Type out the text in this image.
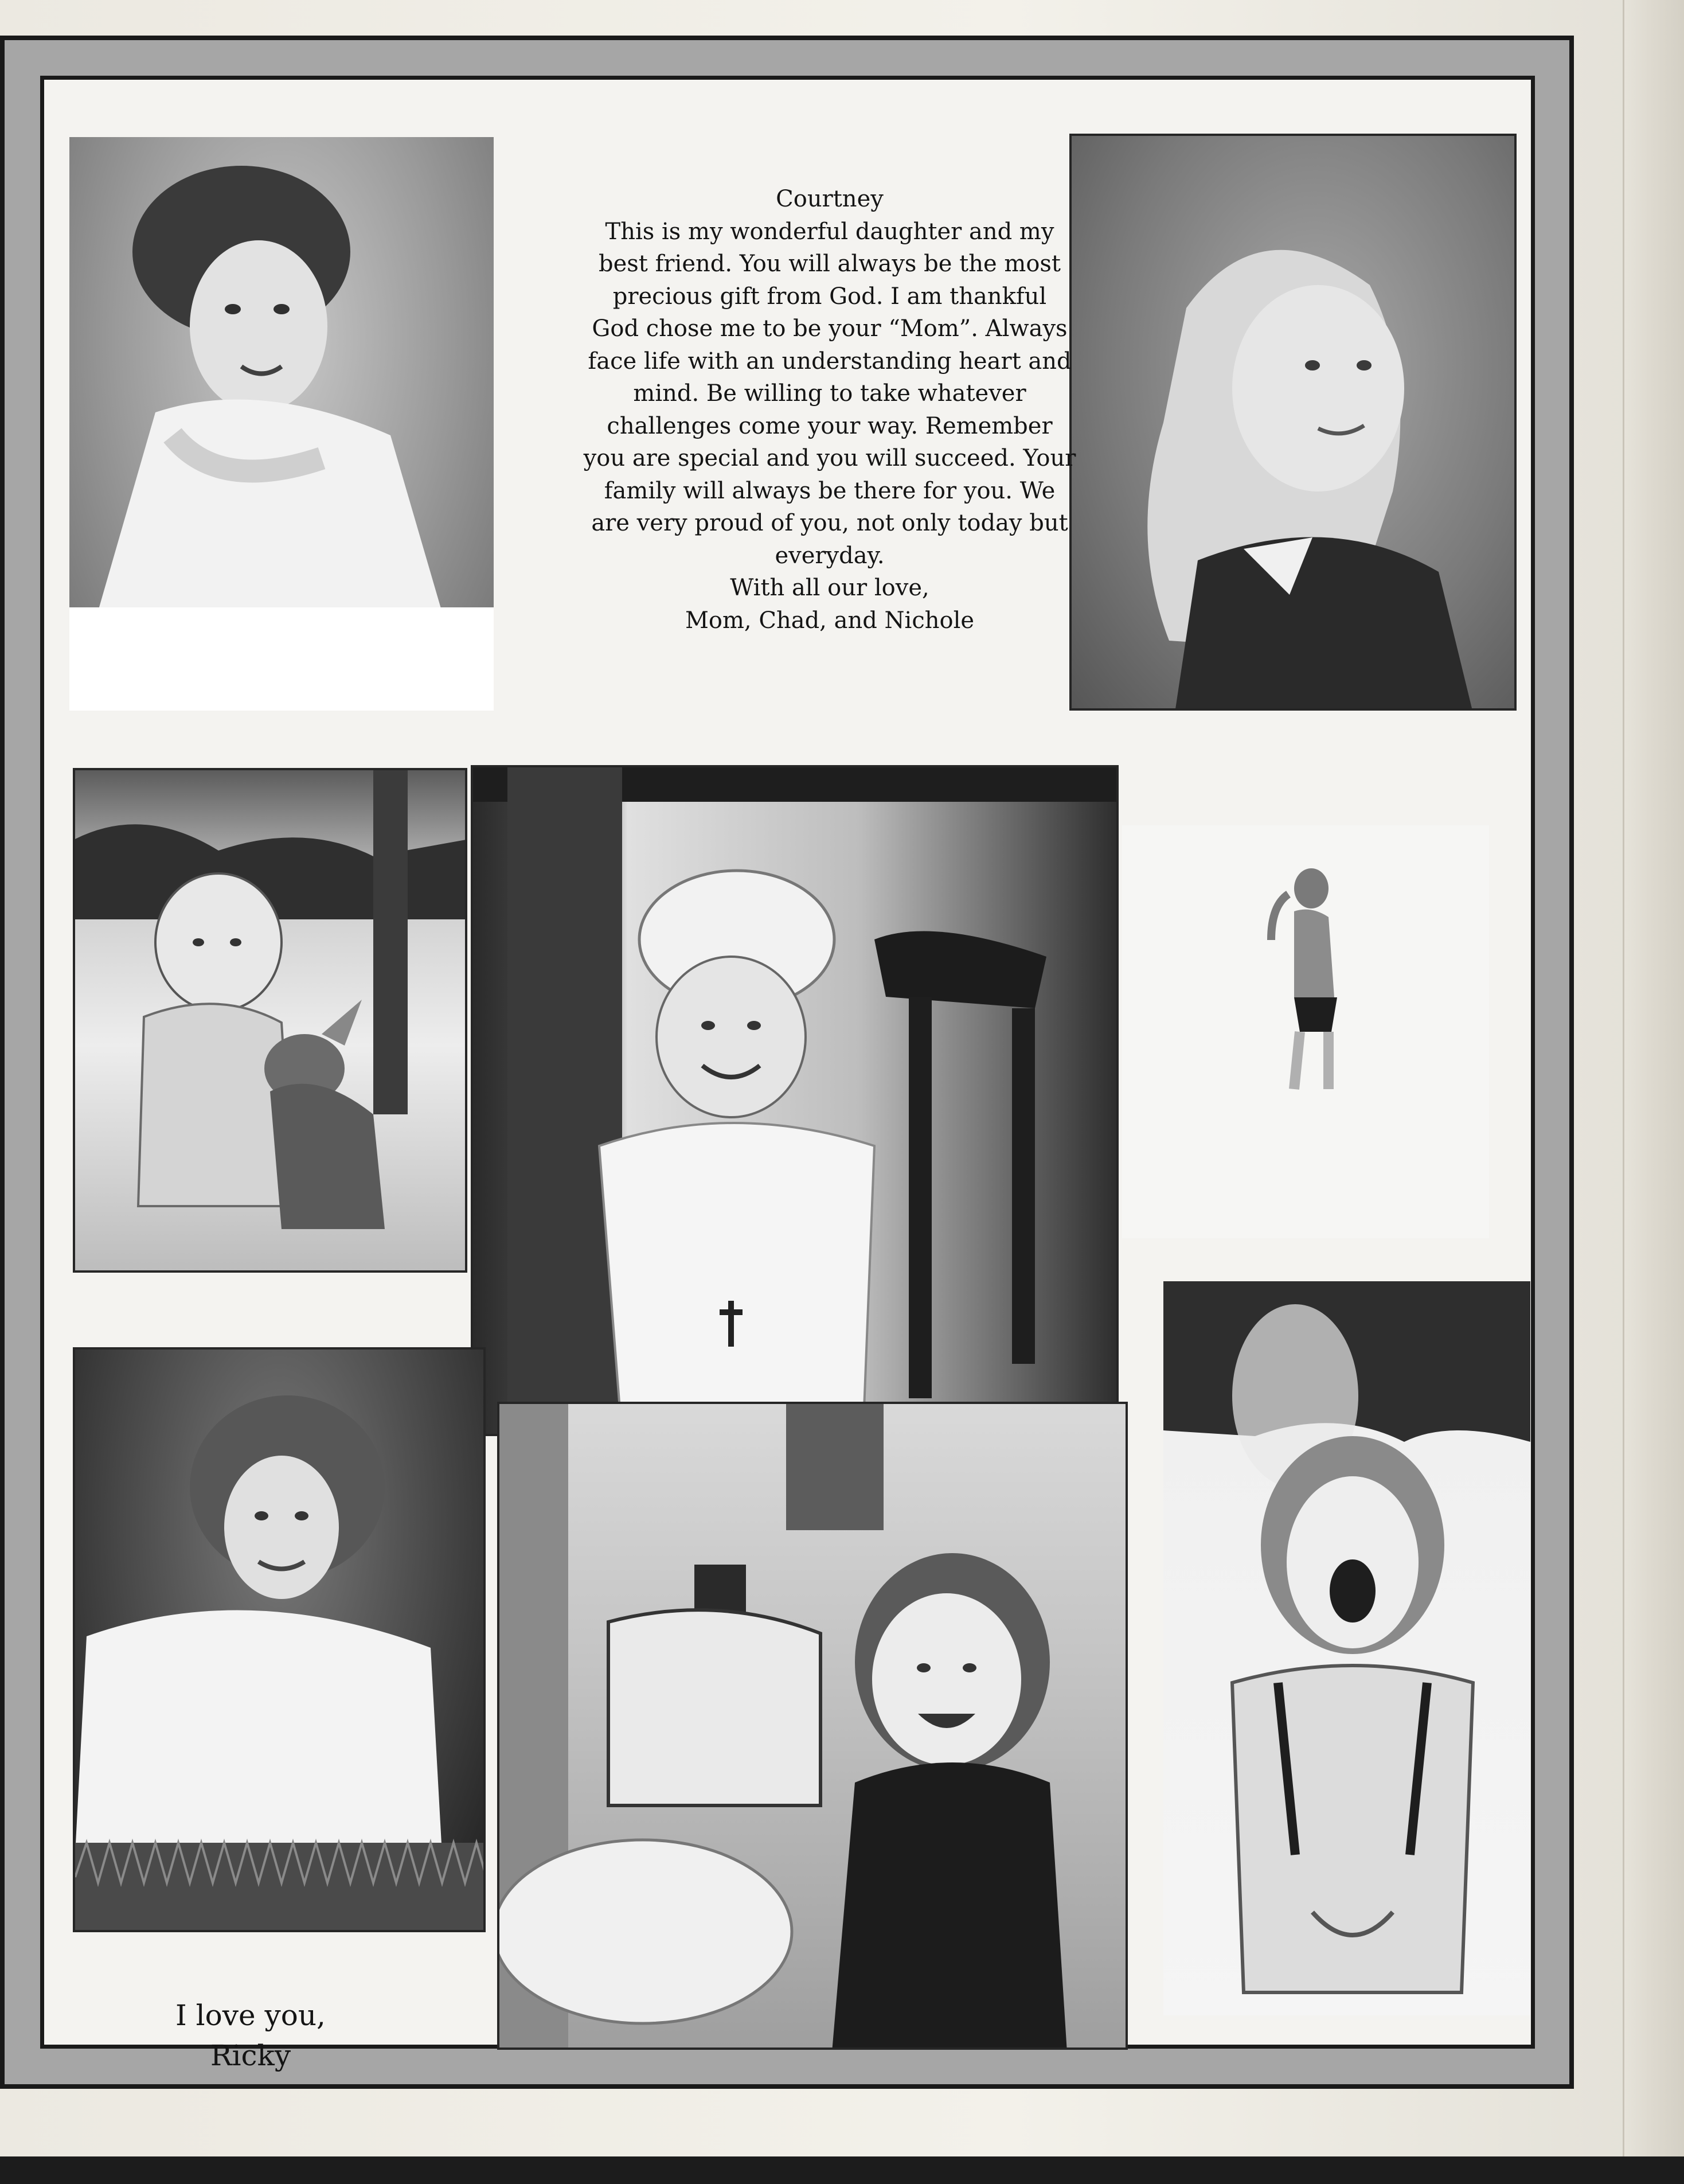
Courtney
This is my wonderful daughter and my
best friend. You will always be the most
precious gift from God. I am thankful
God chose me to be your “Mom”. Always
face life with an understanding heart and
mind. Be willing to take whatever
challenges come your way. Remember
you are special and you will succeed. Your
family will always be there for you. We
are very proud of you, not only today but
everyday.
With all our love,
Mom, Chad, and Nichole
I love you,
Ricky
